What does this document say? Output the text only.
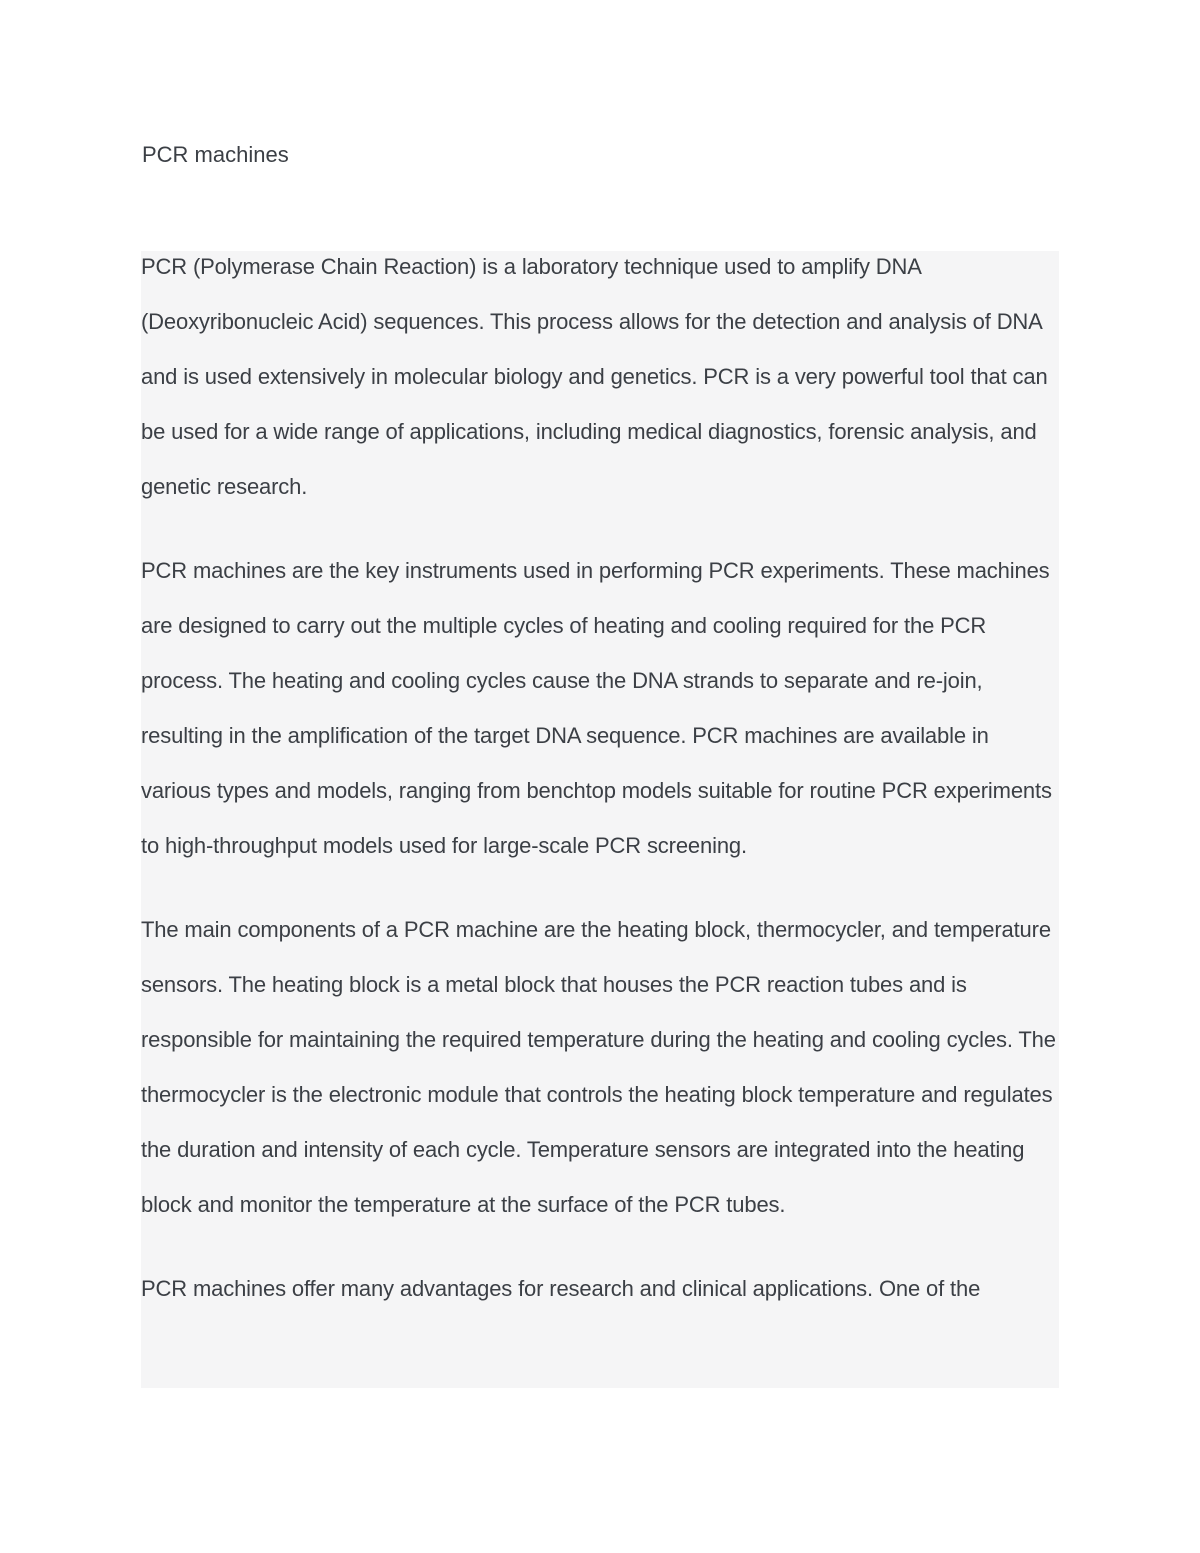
PCR machines

PCR (Polymerase Chain Reaction) is a laboratory technique used to amplify DNA (Deoxyribonucleic Acid) sequences. This process allows for the detection and analysis of DNA and is used extensively in molecular biology and genetics. PCR is a very powerful tool that can be used for a wide range of applications, including medical diagnostics, forensic analysis, and genetic research.

PCR machines are the key instruments used in performing PCR experiments. These machines are designed to carry out the multiple cycles of heating and cooling required for the PCR process. The heating and cooling cycles cause the DNA strands to separate and re-join, resulting in the amplification of the target DNA sequence. PCR machines are available in various types and models, ranging from benchtop models suitable for routine PCR experiments to high-throughput models used for large-scale PCR screening.

The main components of a PCR machine are the heating block, thermocycler, and temperature sensors. The heating block is a metal block that houses the PCR reaction tubes and is responsible for maintaining the required temperature during the heating and cooling cycles. The thermocycler is the electronic module that controls the heating block temperature and regulates the duration and intensity of each cycle. Temperature sensors are integrated into the heating block and monitor the temperature at the surface of the PCR tubes.

PCR machines offer many advantages for research and clinical applications. One of the
